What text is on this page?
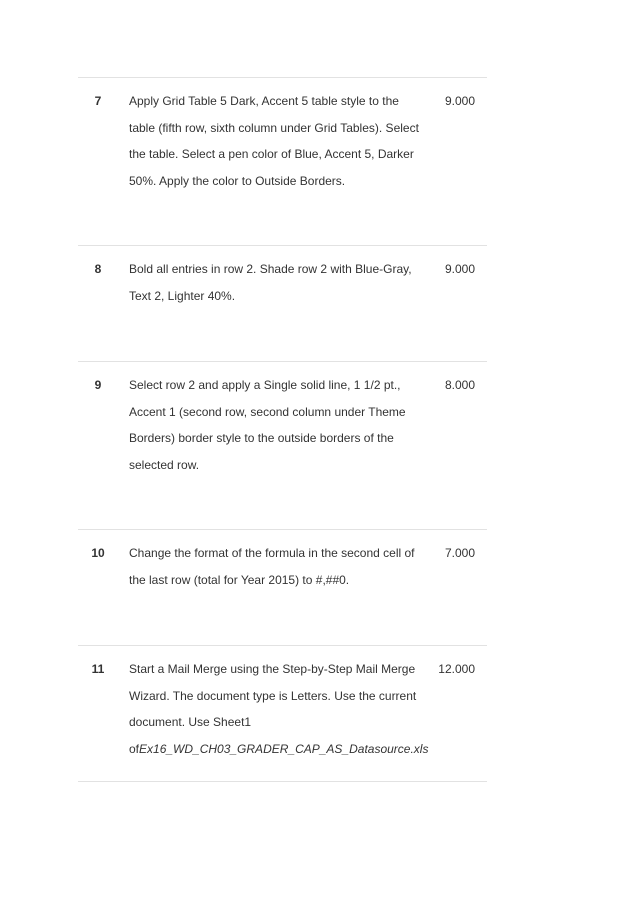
7	Apply Grid Table 5 Dark, Accent 5 table style to the
table (fifth row, sixth column under Grid Tables). Select
the table. Select a pen color of Blue, Accent 5, Darker
50%. Apply the color to Outside Borders.
9.000
8	Bold all entries in row 2. Shade row 2 with Blue-Gray,
Text 2, Lighter 40%.
9.000
9	Select row 2 and apply a Single solid line, 1 1/2 pt.,
Accent 1 (second row, second column under Theme
Borders) border style to the outside borders of the
selected row.
8.000
10	Change the format of the formula in the second cell of
the last row (total for Year 2015) to #,##0.
7.000
11	Start a Mail Merge using the Step-by-Step Mail Merge
Wizard. The document type is Letters. Use the current
document. Use Sheet1
ofEx16_WD_CH03_GRADER_CAP_AS_Datasource.xls
12.000
